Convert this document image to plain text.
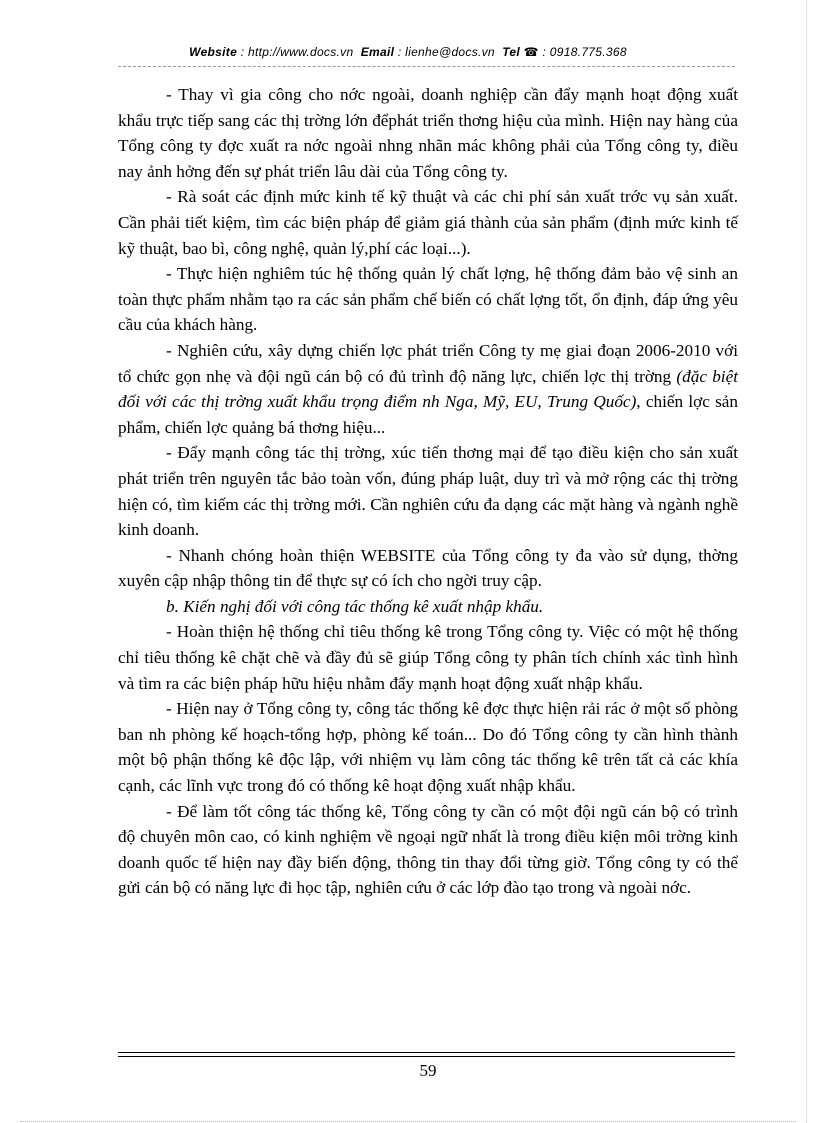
Website : http://www.docs.vn Email : lienhe@docs.vn Tel ☎ : 0918.775.368

- Thay vì gia công cho nớc ngoài, doanh nghiệp cần đẩy mạnh hoạt động xuất khẩu trực tiếp sang các thị trờng lớn đểphát triển thơng hiệu của mình. Hiện nay hàng của Tổng công ty đợc xuất ra nớc ngoài nhng nhãn mác không phải của Tổng công ty, điều nay ảnh hởng đến sự phát triển lâu dài của Tổng công ty.

- Rà soát các định mức kinh tế kỹ thuật và các chi phí sản xuất trớc vụ sản xuất. Cần phải tiết kiệm, tìm các biện pháp để giảm giá thành của sản phẩm (định mức kinh tế kỹ thuật, bao bì, công nghệ, quản lý,phí các loại...).

- Thực hiện nghiêm túc hệ thống quản lý chất lợng, hệ thống đảm bảo vệ sinh an toàn thực phẩm nhằm tạo ra các sản phẩm chế biến có chất lợng tốt, ổn định, đáp ứng yêu cầu của khách hàng.

- Nghiên cứu, xây dựng chiến lợc phát triển Công ty mẹ giai đoạn 2006-2010 với tổ chức gọn nhẹ và đội ngũ cán bộ có đủ trình độ năng lực, chiến lợc thị trờng (đặc biệt đối với các thị trờng xuất khẩu trọng điểm nh Nga, Mỹ, EU, Trung Quốc), chiến lợc sản phẩm, chiến lợc quảng bá thơng hiệu...

- Đẩy mạnh công tác thị trờng, xúc tiến thơng mại để tạo điều kiện cho sản xuất phát triển trên nguyên tắc bảo toàn vốn, đúng pháp luật, duy trì và mở rộng các thị trờng hiện có, tìm kiếm các thị trờng mới. Cần nghiên cứu đa dạng các mặt hàng và ngành nghề kinh doanh.

- Nhanh chóng hoàn thiện WEBSITE của Tổng công ty đa vào sử dụng, thờng xuyên cập nhập thông tin để thực sự có ích cho ngời truy cập.

b. Kiến nghị đối với công tác thống kê xuất nhập khẩu.

- Hoàn thiện hệ thống chỉ tiêu thống kê trong Tổng công ty. Việc có một hệ thống chỉ tiêu thống kê chặt chẽ và đầy đủ sẽ giúp Tổng công ty phân tích chính xác tình hình và tìm ra các biện pháp hữu hiệu nhằm đẩy mạnh hoạt động xuất nhập khẩu.

- Hiện nay ở Tổng công ty, công tác thống kê đợc thực hiện rải rác ở một số phòng ban nh phòng kế hoạch-tổng hợp, phòng kế toán... Do đó Tổng công ty cần hình thành một bộ phận thống kê độc lập, với nhiệm vụ làm công tác thống kê trên tất cả các khía cạnh, các lĩnh vực trong đó có thống kê hoạt động xuất nhập khẩu.

- Để làm tốt công tác thống kê, Tổng công ty cần có một đội ngũ cán bộ có trình độ chuyên môn cao, có kinh nghiệm về ngoại ngữ nhất là trong điều kiện môi trờng kinh doanh quốc tế hiện nay đầy biến động, thông tin thay đổi từng giờ. Tổng công ty có thể gửi cán bộ có năng lực đi học tập, nghiên cứu ở các lớp đào tạo trong và ngoài nớc.

59
